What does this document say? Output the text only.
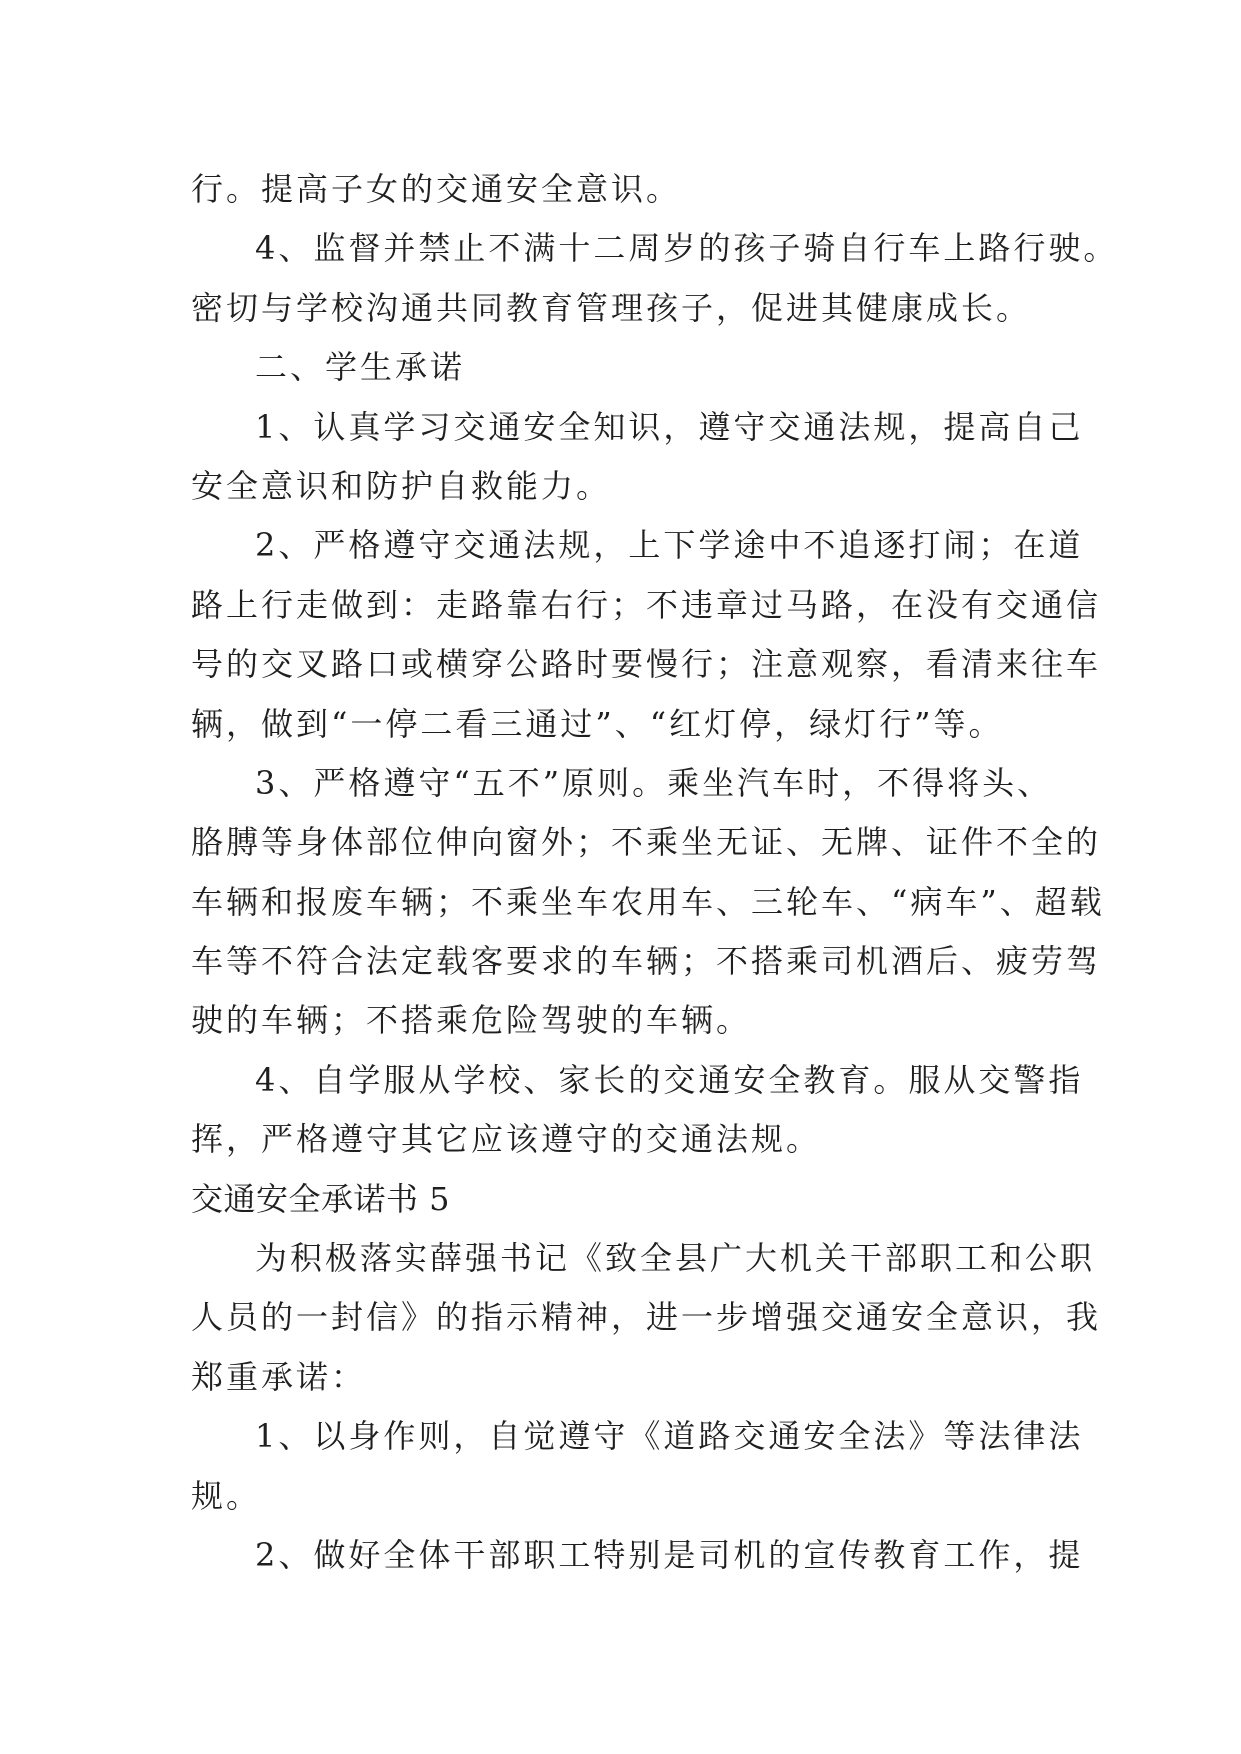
行。提高子女的交通安全意识。
4、监督并禁止不满十二周岁的孩子骑自行车上路行驶。
密切与学校沟通共同教育管理孩子，促进其健康成长。
二、学生承诺
1、认真学习交通安全知识，遵守交通法规，提高自己
安全意识和防护自救能力。
2、严格遵守交通法规，上下学途中不追逐打闹；在道
路上行走做到：走路靠右行；不违章过马路，在没有交通信
号的交叉路口或横穿公路时要慢行；注意观察，看清来往车
辆，做到“一停二看三通过”、“红灯停，绿灯行”等。
3、严格遵守“五不”原则。乘坐汽车时，不得将头、
胳膊等身体部位伸向窗外；不乘坐无证、无牌、证件不全的
车辆和报废车辆；不乘坐车农用车、三轮车、“病车”、超载
车等不符合法定载客要求的车辆；不搭乘司机酒后、疲劳驾
驶的车辆；不搭乘危险驾驶的车辆。
4、自学服从学校、家长的交通安全教育。服从交警指
挥，严格遵守其它应该遵守的交通法规。
交通安全承诺书 5
为积极落实薛强书记《致全县广大机关干部职工和公职
人员的一封信》的指示精神，进一步增强交通安全意识，我
郑重承诺：
1、以身作则，自觉遵守《道路交通安全法》等法律法
规。
2、做好全体干部职工特别是司机的宣传教育工作，提
